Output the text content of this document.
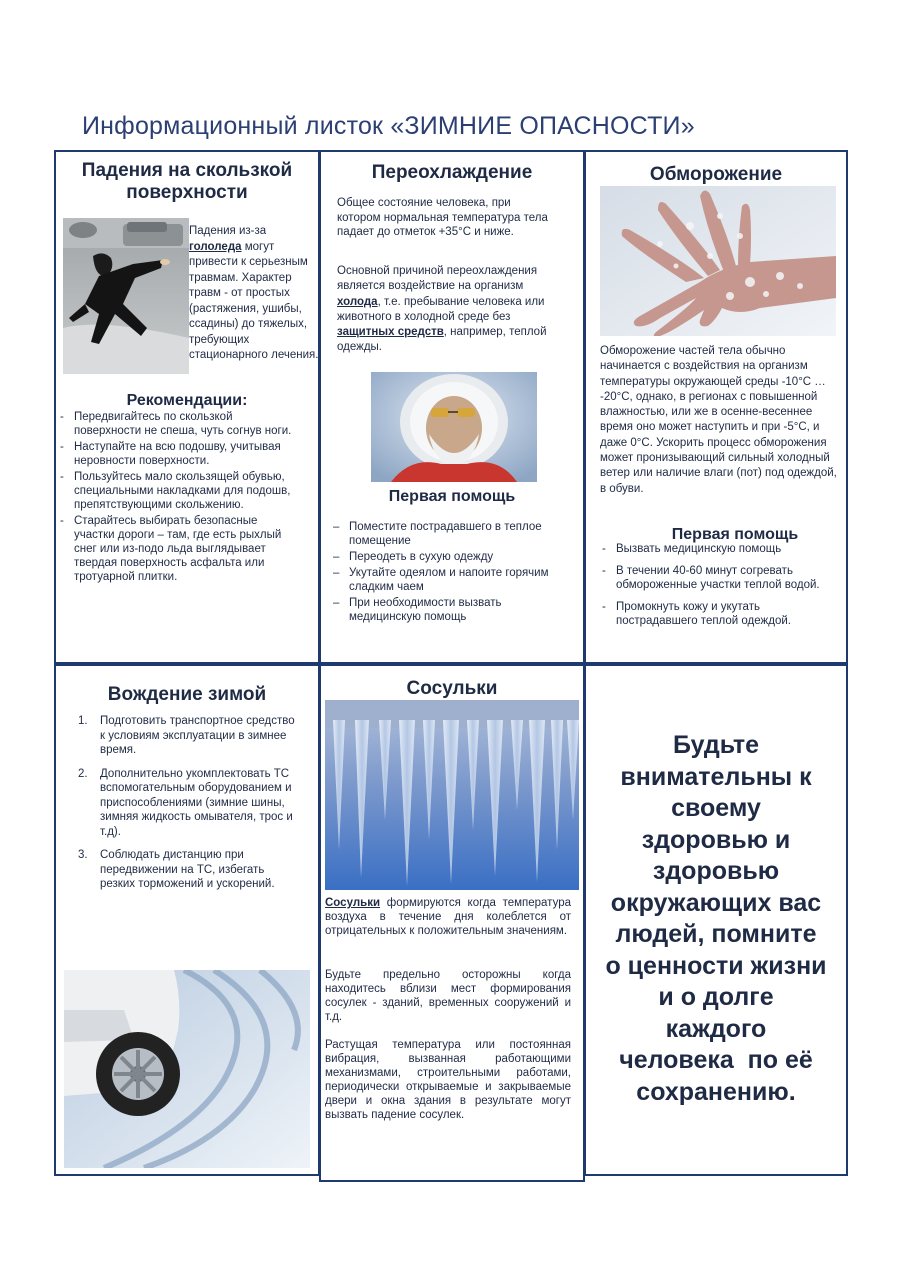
Информационный листок «ЗИМНИЕ ОПАСНОСТИ»
Падения на скользкой
поверхности
Падения из-за гололеда могут привести к серьезным травмам. Характер травм - от простых (растяжения, ушибы, ссадины) до тяжелых, требующих стационарного лечения.
Рекомендации:
- Передвигайтесь по скользкой поверхности не спеша, чуть согнув ноги.
- Наступайте на всю подошву, учитывая неровности поверхности.
- Пользуйтесь мало скользящей обувью, специальными накладками для подошв, препятствующими скольжению.
- Старайтесь выбирать безопасные участки дороги – там, где есть рыхлый снег или из-подо льда выглядывает твердая поверхность асфальта или тротуарной плитки.
Переохлаждение
Общее состояние человека, при котором нормальная температура тела падает до отметок +35°С и ниже.
Основной причиной переохлаждения является воздействие на организм холода, т.е. пребывание человека или животного в холодной среде без защитных средств, например, теплой одежды.
Первая помощь
– Поместите пострадавшего в теплое помещение
– Переодеть в сухую одежду
– Укутайте одеялом и напоите горячим сладким чаем
– При необходимости вызвать медицинскую помощь
Обморожение
Обморожение частей тела обычно начинается с воздействия на организм температуры окружающей среды -10°С … -20°С, однако, в регионах с повышенной влажностью, или же в осенне-весеннее время оно может наступить и при -5°С, и даже 0°С. Ускорить процесс обморожения может пронизывающий сильный холодный ветер или наличие влаги (пот) под одеждой, в обуви.
Первая помощь
- Вызвать медицинскую помощь
- В течении 40-60 минут согревать обмороженные участки теплой водой.
- Промокнуть кожу и укутать пострадавшего теплой одеждой.
Вождение зимой
Подготовить транспортное средство к условиям эксплуатации в зимнее время.
Дополнительно укомплектовать ТС вспомогательным оборудованием и приспособлениями (зимние шины, зимняя жидкость омывателя, трос и т.д).
Соблюдать дистанцию при передвижении на ТС, избегать резких торможений и ускорений.
Сосульки
Сосульки формируются когда температура воздуха в течение дня колеблется от отрицательных к положительным значениям.
Будьте предельно осторожны когда находитесь вблизи мест формирования сосулек - зданий, временных сооружений и т.д.
Растущая температура или постоянная вибрация, вызванная работающими механизмами, строительными работами, периодически открываемые и закрываемые двери и окна здания в результате могут вызвать падение сосулек.
Будьте
внимательны к
своему
здоровью и
здоровью
окружающих вас
людей, помните
о ценности жизни
и о долге
каждого
человека  по её
сохранению.
